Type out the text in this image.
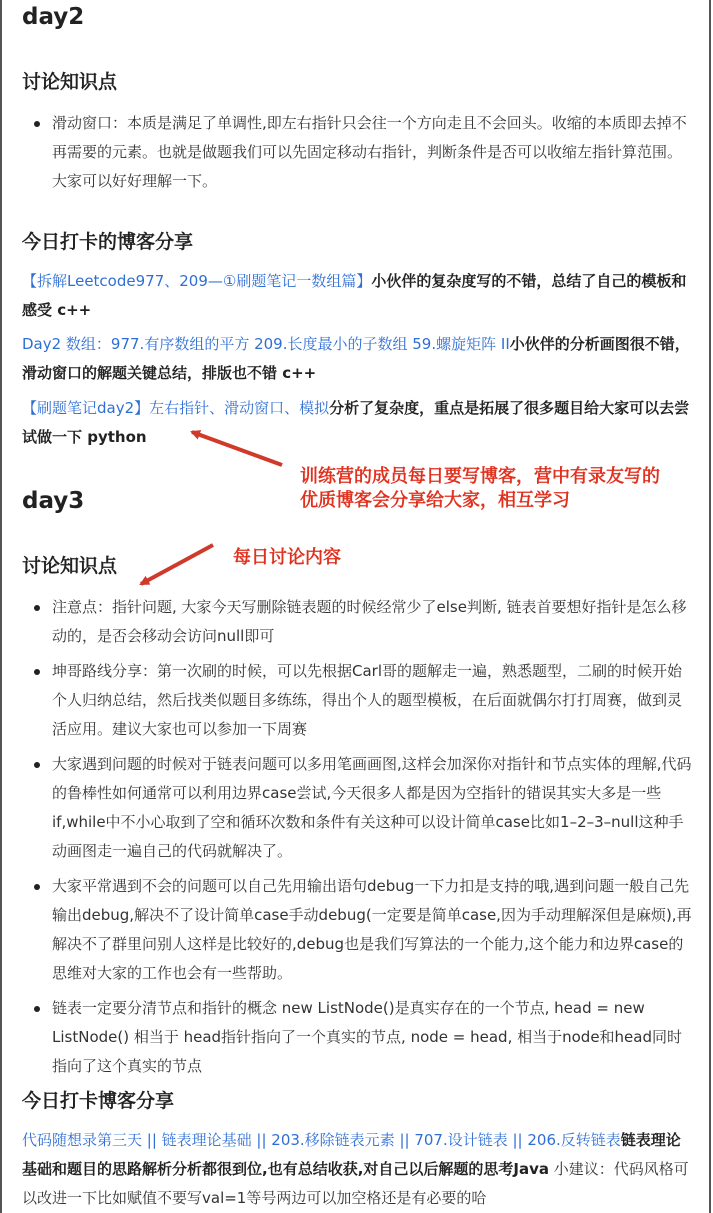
day2
讨论知识点
滑动窗口：本质是满足了单调性,即左右指针只会往一个方向走且不会回头。收缩的本质即去掉不再需要的元素。也就是做题我们可以先固定移动右指针，判断条件是否可以收缩左指针算范围。大家可以好好理解一下。
今日打卡的博客分享

【拆解Leetcode977、209—①刷题笔记一数组篇】小伙伴的复杂度写的不错，总结了自己的模板和感受 c++

Day2 数组：977.有序数组的平方 209.长度最小的子数组 59.螺旋矩阵 II小伙伴的分析画图很不错，滑动窗口的解题关键总结，排版也不错 c++

【刷题笔记day2】左右指针、滑动窗口、模拟分析了复杂度，重点是拓展了很多题目给大家可以去尝试做一下 python

训练营的成员每日要写博客，营中有录友写的

优质博客会分享给大家，相互学习

每日讨论内容

day3
讨论知识点
注意点：指针问题, 大家今天写删除链表题的时候经常少了else判断, 链表首要想好指针是怎么移动的，是否会移动会访问null即可
坤哥路线分享：第一次刷的时候，可以先根据Carl哥的题解走一遍，熟悉题型，二刷的时候开始个人归纳总结，然后找类似题目多练练，得出个人的题型模板，在后面就偶尔打打周赛，做到灵活应用。建议大家也可以参加一下周赛
大家遇到问题的时候对于链表问题可以多用笔画画图,这样会加深你对指针和节点实体的理解,代码的鲁棒性如何通常可以利用边界case尝试,今天很多人都是因为空指针的错误其实大多是一些if,while中不小心取到了空和循环次数和条件有关这种可以设计简单case比如1–2–3–null这种手动画图走一遍自己的代码就解决了。
大家平常遇到不会的问题可以自己先用输出语句debug一下力扣是支持的哦,遇到问题一般自己先输出debug,解决不了设计简单case手动debug(一定要是简单case,因为手动理解深但是麻烦),再解决不了群里问别人这样是比较好的,debug也是我们写算法的一个能力,这个能力和边界case的思维对大家的工作也会有一些帮助。
链表一定要分清节点和指针的概念 new ListNode()是真实存在的一个节点, head = new ListNode() 相当于 head指针指向了一个真实的节点, node = head, 相当于node和head同时指向了这个真实的节点
今日打卡博客分享

代码随想录第三天 || 链表理论基础 || 203.移除链表元素 || 707.设计链表 || 206.反转链表链表理论基础和题目的思路解析分析都很到位,也有总结收获,对自己以后解题的思考Java 小建议：代码风格可以改进一下比如赋值不要写val=1等号两边可以加空格还是有必要的哈
